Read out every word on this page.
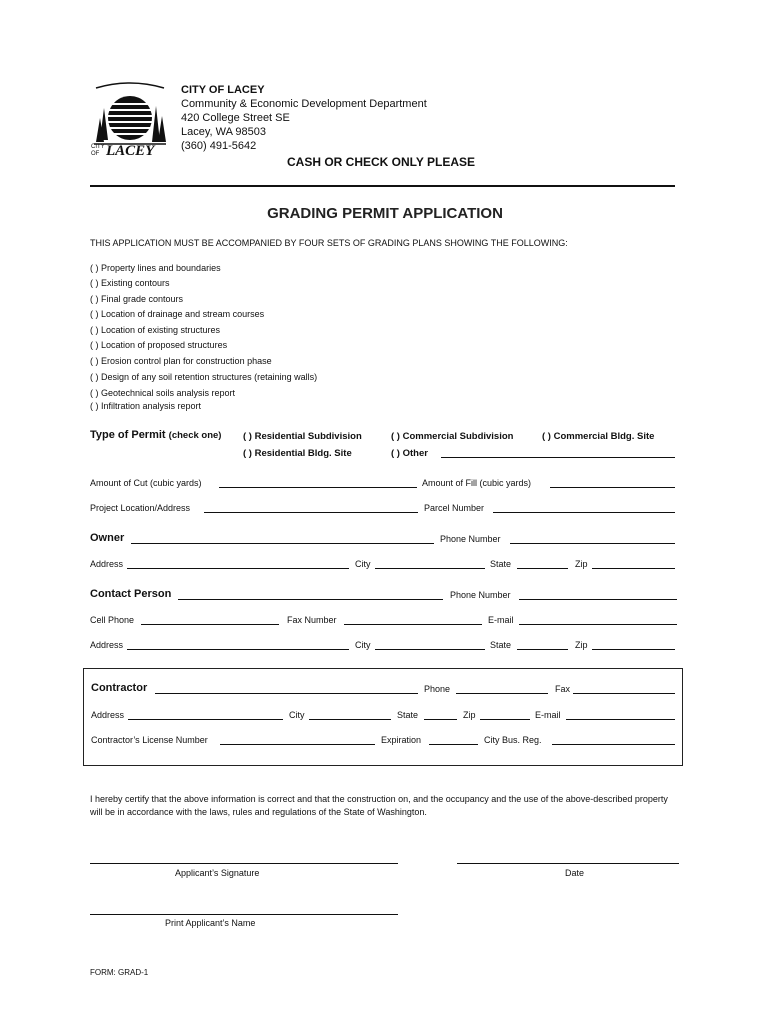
CITY OF LACEY
CITY OF LACEY
Community & Economic Development Department
420 College Street SE
Lacey, WA 98503
(360) 491-5642
CASH OR CHECK ONLY PLEASE
GRADING PERMIT APPLICATION
THIS APPLICATION MUST BE ACCOMPANIED BY FOUR SETS OF GRADING PLANS SHOWING THE FOLLOWING:
( ) Property lines and boundaries
( ) Existing contours
( ) Final grade contours
( ) Location of drainage and stream courses
( ) Location of existing structures
( ) Location of proposed structures
( ) Erosion control plan for construction phase
( ) Design of any soil retention structures (retaining walls)
( ) Geotechnical soils analysis report
( ) Infiltration analysis report
Type of Permit (check one) ( ) Residential Subdivision	( ) Commercial Subdivision	( ) Commercial Bldg. Site
( ) Residential Bldg. Site	( ) Other
Amount of Cut (cubic yards)	Amount of Fill (cubic yards)
Project Location/Address	Parcel Number
Owner	Phone Number
Address	City	State	Zip
Contact Person	Phone Number
Cell Phone	Fax Number	E-mail
Address	City	State	Zip
Contractor	Phone	Fax
Address	City	State	Zip	E-mail
Contractor’s License Number	Expiration	City Bus. Reg.
I hereby certify that the above information is correct and that the construction on, and the occupancy and the use of the above-described property will be in accordance with the laws, rules and regulations of the State of Washington.
Applicant’s Signature	Date
Print Applicant’s Name
FORM: GRAD-1
